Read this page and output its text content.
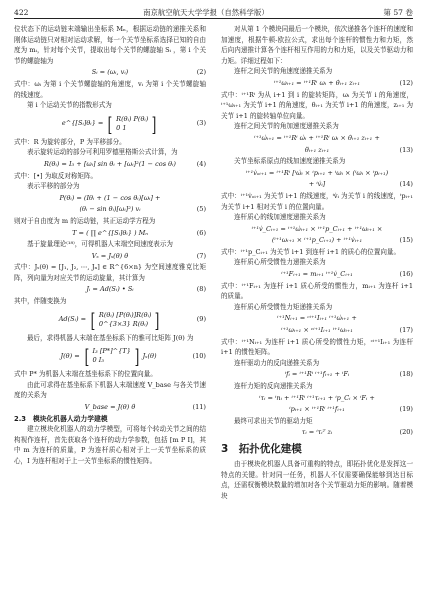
422	南京航空航天大学学报（自然科学版）	第 57 卷
位状态下的运动链末端输出坐标系 Mₙ，根据运动链的递推关系和刚体运动链只对相对运动求解，每一个关节坐标系选择已知的自由度为 mᵢ，针对每个关节，提取出每个关节的螺旋轴 Sᵢ ，第 i 个关节的螺旋轴为
Sᵢ = (ωᵢ, vᵢ)	(2)
式中：ωᵢ 为第 i 个关节螺旋轴的角速度，vᵢ 为第 i 个关节螺旋轴的线速度。
第 i 个运动关节的指数形式为
e^{[Sᵢ]θᵢ} = [ R(θᵢ) P(θᵢ)
0 1	]	(3)
式中：R 为旋转部分，P 为平移部分。
表示旋转运动的部分可利用罗德里格斯公式计算，为
R(θᵢ) = I₃ + [ωᵢ] sin θᵢ + [ωᵢ]²(1 − cos θᵢ)	(4)
式中：[•] 为取反对称矩阵。
表示平移的部分为
P(θᵢ) = (Iθᵢ + (1 − cos θᵢ)[ωᵢ] +
(θᵢ − sin θᵢ)[ωᵢ]²) vᵢ	(5)
则对于自由度为 m 的运动链，其正运动学方程为
T = ( ∏ e^{[Sᵢ]θᵢ} ) Mₙ	(6)
基于旋量理论⁽¹⁸⁾，可得机器人末端空间速度表示为
Vₛ = Jₛ(θ) θ̇	(7)
式中：Jₛ(θ) = [J₁, J₂, ⋯, Jₙ] ∈ R^{6×n} 为空间速度雅克比矩阵，列向量为对应关节的运动旋量，其计算为
Jᵢ = Ad(Sᵢ) • Sᵢ	(8)
其中，伴随变换为
Ad(Sᵢ) = [ R(θᵢ) [P(θᵢ)]R(θᵢ)
0^{3×3} R(θᵢ) ]	(9)
最后，求得机器人末端在基坐标系下的雅可比矩阵 J(θ) 为
J(θ) = [ I₃ [P*]^{T}
0 I₃	] Jₛ(θ)	(10)
式中 P* 为机器人末端在基坐标系下的位置向量。
由此可求得在基坐标系下机器人末端速度 V_base 与各关节速度的关系为
V_base = J(θ) θ̇	(11)
2.3　模块化机器人动力学建模
建立模块化机器人的动力学模型，可将每个转动关节之间的结构视作连杆，首先获取各个连杆的动力学参数，包括 [m P I]，其中 m 为连杆的质量，P 为连杆质心相对于上一关节坐标系的质心，I 为连杆相对于上一关节坐标系的惯性矩阵。
对从第 1 个模块同最后一个模块，依次递推各个连杆的速度和加速度，根据牛顿-欧拉公式，求出每个连杆的惯性力和力矩，然后向内递推计算各个连杆相互作用的力和力矩，以及关节驱动力和力矩。详细过程如下：
连杆之间关节的角速度递推关系为
ⁱ⁺¹ωᵢ₊₁ = ⁱ⁺¹Rⁱ ωᵢ + θ̇ᵢ₊₁ zᵢ₊₁	(12)
式中：ⁱ⁺¹Rⁱ 为从 i+1 到 i 的旋转矩阵，ωᵢ 为关节 i 的角速度，ⁱ⁺¹ωᵢ₊₁ 为关节 i+1 的角速度，θ̇ᵢ₊₁ 为关节 i+1 的角速度，zᵢ₊₁ 为关节 i+1 的旋转轴单位向量。
连杆之间关节的角加速度递推关系为
ⁱ⁺¹ω̇ᵢ₊₁ = ⁱ⁺¹Rⁱ ω̇ᵢ + ⁱ⁺¹Rⁱ ωᵢ × θ̇ᵢ₊₁ zᵢ₊₁ +
θ̈ᵢ₊₁ zᵢ₊₁	(13)
关节坐标系原点的线加速度递推关系为
ⁱ⁺¹v̇ₒᵢ₊₁ = ⁱ⁺¹Rⁱ [ⁱω̇ᵢ × ⁱpᵢ₊₁ + ⁱωᵢ × (ⁱωᵢ × ⁱpᵢ₊₁)
+ ⁱv̇ᵢ]	(14)
式中：ⁱ⁺¹v̇ₒᵢ₊₁ 为关节 i+1 的线速度，ⁱv̇ᵢ 为关节 i 的线速度，ⁱpᵢ₊₁ 为关节 i+1 相对关节 i 的位置向量。
连杆质心的线加速度递推关系为
ⁱ⁺¹v̇_Cᵢ₊₁ = ⁱ⁺¹ω̇ᵢ₊₁ × ⁱ⁺¹p_Cᵢ₊₁ + ⁱ⁺¹ωᵢ₊₁ ×
(ⁱ⁺¹ωᵢ₊₁ × ⁱ⁺¹p_Cᵢ₊₁) + ⁱ⁺¹v̇ᵢ₊₁	(15)
式中：ⁱ⁺¹p_Cᵢ₊₁ 为关节 i+1 到连杆 i+1 的质心的位置向量。
连杆质心所受惯性力递推关系为
ⁱ⁺¹Fᵢ₊₁ = mᵢ₊₁ ⁱ⁺¹v̇_Cᵢ₊₁	(16)
式中：ⁱ⁺¹Fᵢ₊₁ 为连杆 i+1 质心所受的惯性力，mᵢ₊₁ 为连杆 i+1 的质量。
连杆质心所受惯性力矩递推关系为
ⁱ⁺¹Nᵢ₊₁ = ᶜⁱ⁺¹Iᵢ₊₁ ⁱ⁺¹ω̇ᵢ₊₁ +
ⁱ⁺¹ωᵢ₊₁ × ᶜⁱ⁺¹Iᵢ₊₁ ⁱ⁺¹ωᵢ₊₁	(17)
式中：ⁱ⁺¹Nᵢ₊₁ 为连杆 i+1 质心所受的惯性力矩，ᶜⁱ⁺¹Iᵢ₊₁ 为连杆 i+1 的惯性矩阵。
连杆驱动力的反向递推关系为
ⁱfᵢ = ⁱ⁺¹Rⁱ ⁱ⁺¹fᵢ₊₁ + ⁱFᵢ	(18)
连杆力矩的反向递推关系为
ⁱτᵢ = ⁱnᵢ + ⁱ⁺¹Rⁱ ⁱ⁺¹τᵢ₊₁ + ⁱp_Cᵢ × ⁱFᵢ +
ⁱpᵢ₊₁ × ⁱ⁺¹Rⁱ ⁱ⁺¹fᵢ₊₁	(19)
最终可求出关节的驱动力矩
τᵢ = ⁱτᵢᵀ zᵢ	(20)
3　拓扑优化建模
由于模块化机器人具备可重构的特点，即拓扑优化是发挥这一特点的关键。针对同一任务，机器人不仅需要确保能够到达目标点，还需权衡模块数量的增加对各个关节驱动力矩的影响。随着模块
